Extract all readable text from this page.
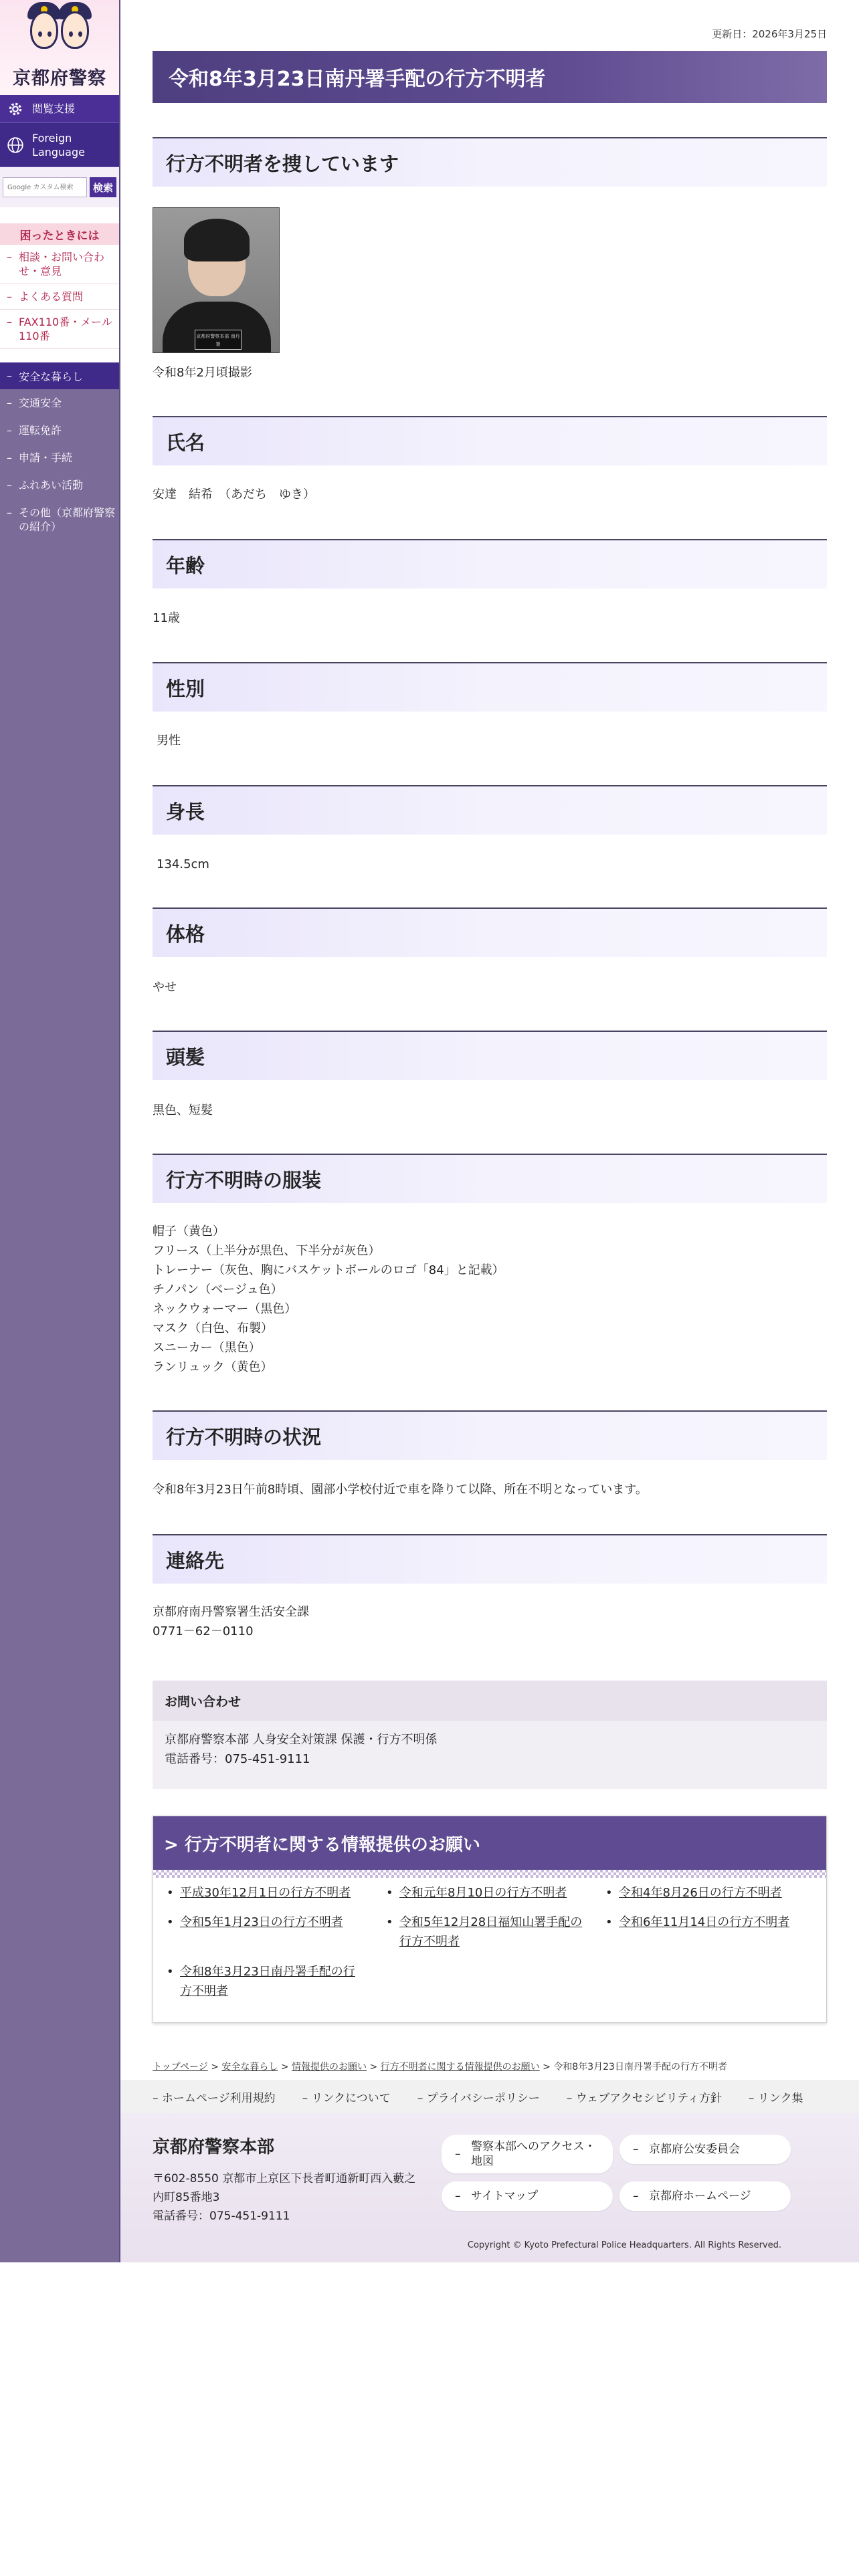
京都府警察
閲覧支援
Foreign Language
Google カスタム検索
検索
困ったときには
– 相談・お問い合わせ・意見
– よくある質問
– FAX110番・メール110番
– 安全な暮らし
– 交通安全
– 運転免許
– 申請・手続
– ふれあい活動
– その他（京都府警察の紹介）
更新日：2026年3月25日
令和8年3月23日南丹署手配の行方不明者
行方不明者を捜しています
京都府警察本部 南丹署
令和8年2月頃撮影
氏名
安達　結希　（あだち　ゆき）
年齢
11歳
性別
男性
身長
134.5cm
体格
やせ
頭髪
黒色、短髪
行方不明時の服装
帽子（黄色）
フリース（上半分が黒色、下半分が灰色）
トレーナー（灰色、胸にバスケットボールのロゴ「84」と記載）
チノパン（ベージュ色）
ネックウォーマー（黒色）
マスク（白色、布製）
スニーカー（黒色）
ランリュック（黄色）
行方不明時の状況
令和8年3月23日午前8時頃、園部小学校付近で車を降りて以降、所在不明となっています。
連絡先
京都府南丹警察署生活安全課
0771－62－0110
お問い合わせ
京都府警察本部 人身安全対策課 保護・行方不明係
電話番号：075-451-9111
> 行方不明者に関する情報提供のお願い
• 平成30年12月1日の行方不明者	• 令和元年8月10日の行方不明者	• 令和4年8月26日の行方不明者
• 令和5年1月23日の行方不明者	• 令和5年12月28日福知山署手配の行方不明者
• 令和6年11月14日の行方不明者
• 令和8年3月23日南丹署手配の行方不明者
トップページ > 安全な暮らし > 情報提供のお願い > 行方不明者に関する情報提供のお願い > 令和8年3月23日南丹署手配の行方不明者
– ホームページ利用規約 – リンクについて – プライバシーポリシー – ウェブアクセシビリティ方針 – リンク集
京都府警察本部
〒602-8550 京都市上京区下長者町通新町西入藪之内町85番地3
電話番号：075-451-9111
– 警察本部へのアクセス・地図
– 京都府公安委員会
– サイトマップ	– 京都府ホームページ
Copyright © Kyoto Prefectural Police Headquarters. All Rights Reserved.
